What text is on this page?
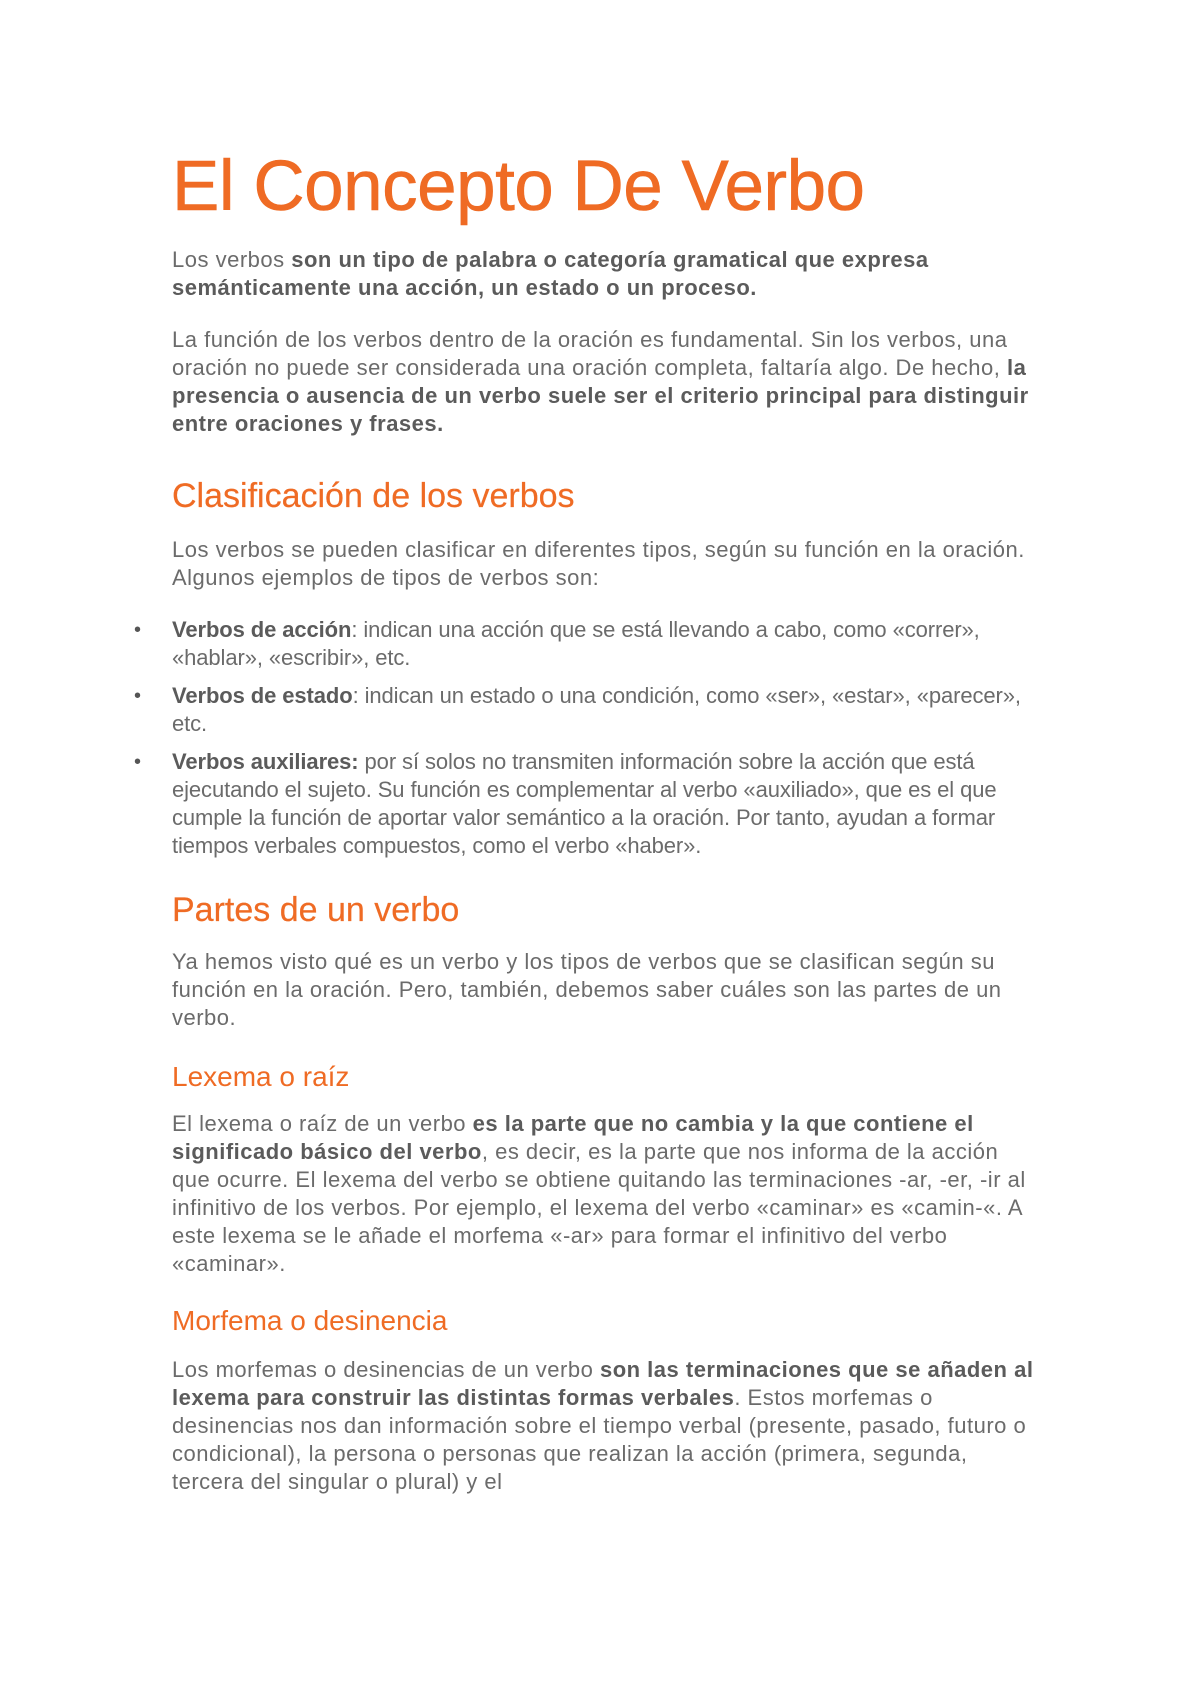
El Concepto De Verbo

Los verbos son un tipo de palabra o categoría gramatical que expresa semánticamente una acción, un estado o un proceso.

La función de los verbos dentro de la oración es fundamental. Sin los verbos, una oración no puede ser considerada una oración completa, faltaría algo. De hecho, la presencia o ausencia de un verbo suele ser el criterio principal para distinguir entre oraciones y frases.

Clasificación de los verbos

Los verbos se pueden clasificar en diferentes tipos, según su función en la oración. Algunos ejemplos de tipos de verbos son:

• Verbos de acción: indican una acción que se está llevando a cabo, como «correr», «hablar», «escribir», etc.
• Verbos de estado: indican un estado o una condición, como «ser», «estar», «parecer», etc.
• Verbos auxiliares: por sí solos no transmiten información sobre la acción que está ejecutando el sujeto. Su función es complementar al verbo «auxiliado», que es el que cumple la función de aportar valor semántico a la oración. Por tanto, ayudan a formar tiempos verbales compuestos, como el verbo «haber».
Partes de un verbo

Ya hemos visto qué es un verbo y los tipos de verbos que se clasifican según su función en la oración. Pero, también, debemos saber cuáles son las partes de un verbo.

Lexema o raíz

El lexema o raíz de un verbo es la parte que no cambia y la que contiene el significado básico del verbo, es decir, es la parte que nos informa de la acción que ocurre. El lexema del verbo se obtiene quitando las terminaciones -ar, -er, -ir al infinitivo de los verbos. Por ejemplo, el lexema del verbo «caminar» es «camin-«. A este lexema se le añade el morfema «-ar» para formar el infinitivo del verbo «caminar».

Morfema o desinencia

Los morfemas o desinencias de un verbo son las terminaciones que se añaden al lexema para construir las distintas formas verbales. Estos morfemas o desinencias nos dan información sobre el tiempo verbal (presente, pasado, futuro o condicional), la persona o personas que realizan la acción (primera, segunda, tercera del singular o plural) y el
